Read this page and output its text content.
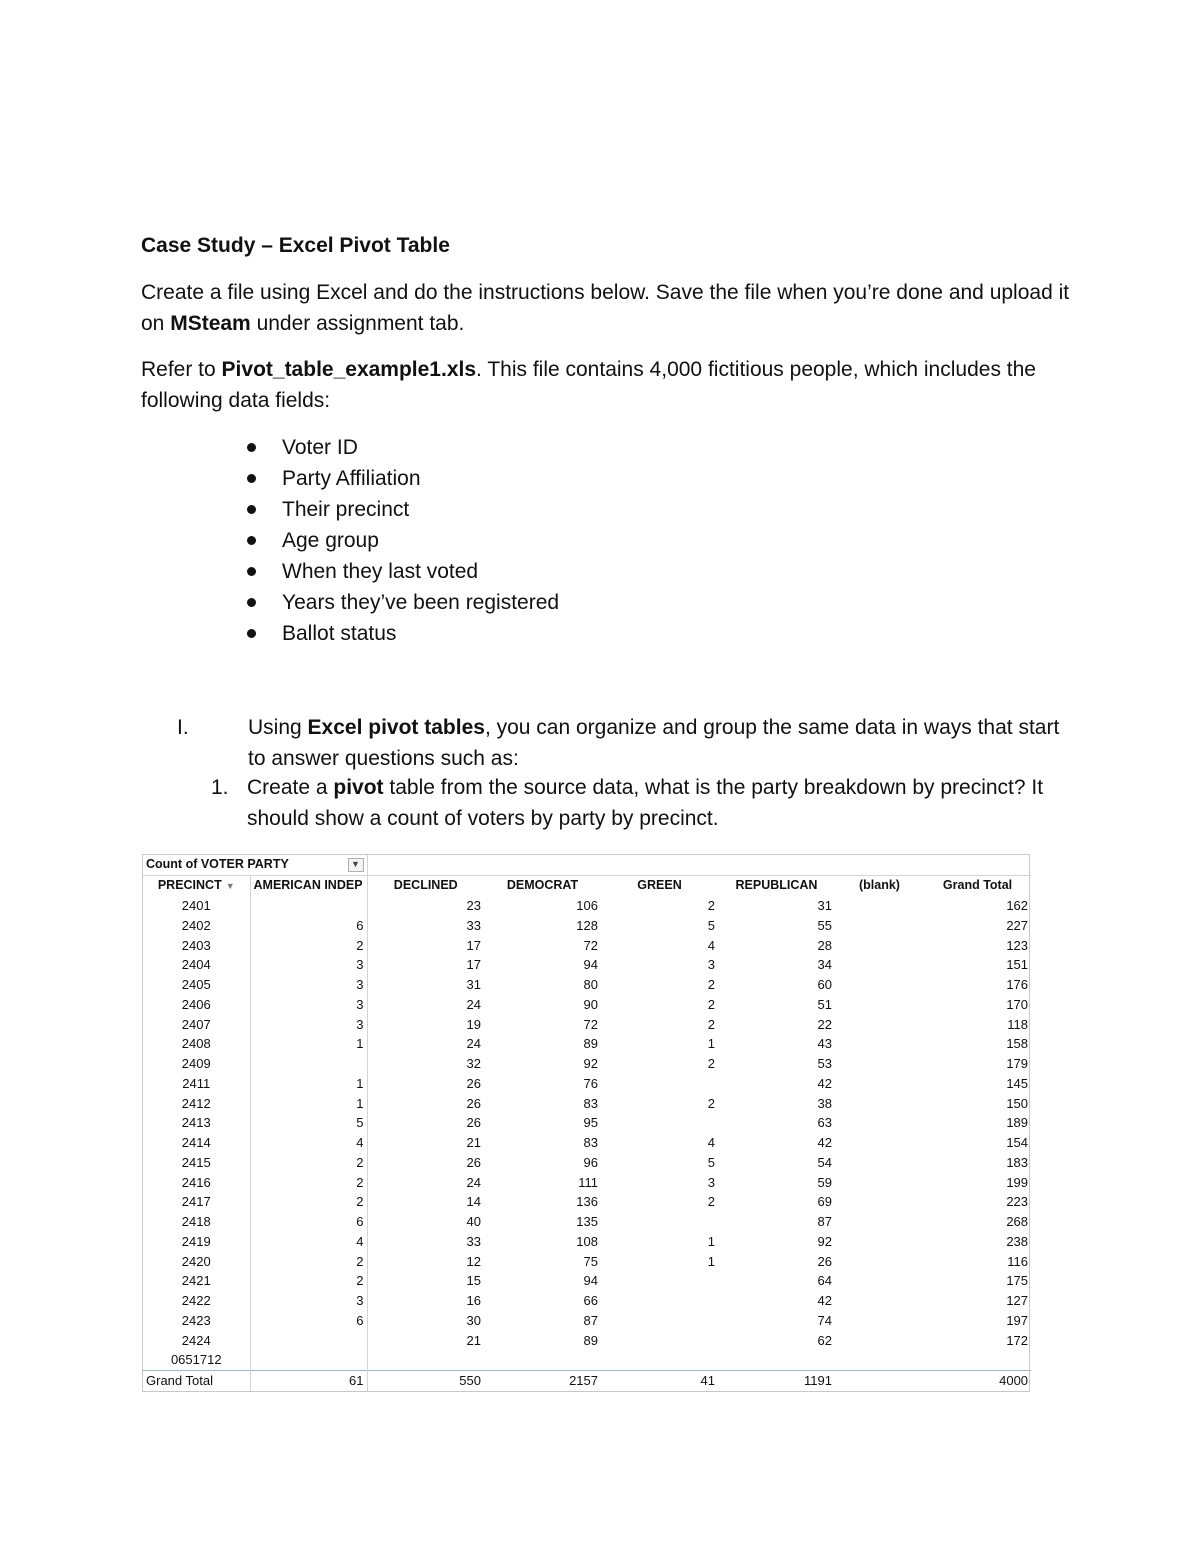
Case Study – Excel Pivot Table
Create a file using Excel and do the instructions below. Save the file when you’re done and upload it on MSteam under assignment tab.
Refer to Pivot_table_example1.xls. This file contains 4,000 fictitious people, which includes the following data fields:
Voter ID
Party Affiliation
Their precinct
Age group
When they last voted
Years they’ve been registered
Ballot status
I.	Using Excel pivot tables, you can organize and group the same data in ways that start to answer questions such as:
1. Create a pivot table from the source data, what is the party breakdown by precinct? It should show a count of voters by party by precinct.
Count of VOTER PARTY ▼							

PRECINCT ▼	AMERICAN INDEP	DECLINED	DEMOCRAT	GREEN	REPUBLICAN	(blank)	Grand Total
2401		23	106	2	31		162
2402	6	33	128	5	55		227
2403	2	17	72	4	28		123
2404	3	17	94	3	34		151
2405	3	31	80	2	60		176
2406	3	24	90	2	51		170
2407	3	19	72	2	22		118
2408	1	24	89	1	43		158
2409		32	92	2	53		179
2411	1	26	76		42		145
2412	1	26	83	2	38		150
2413	5	26	95		63		189
2414	4	21	83	4	42		154
2415	2	26	96	5	54		183
2416	2	24	111	3	59		199
2417	2	14	136	2	69		223
2418	6	40	135		87		268
2419	4	33	108	1	92		238
2420	2	12	75	1	26		116
2421	2	15	94		64		175
2422	3	16	66		42		127
2423	6	30	87		74		197
2424		21	89		62		172
0651712							
Grand Total	61	550	2157	41	1191		4000
